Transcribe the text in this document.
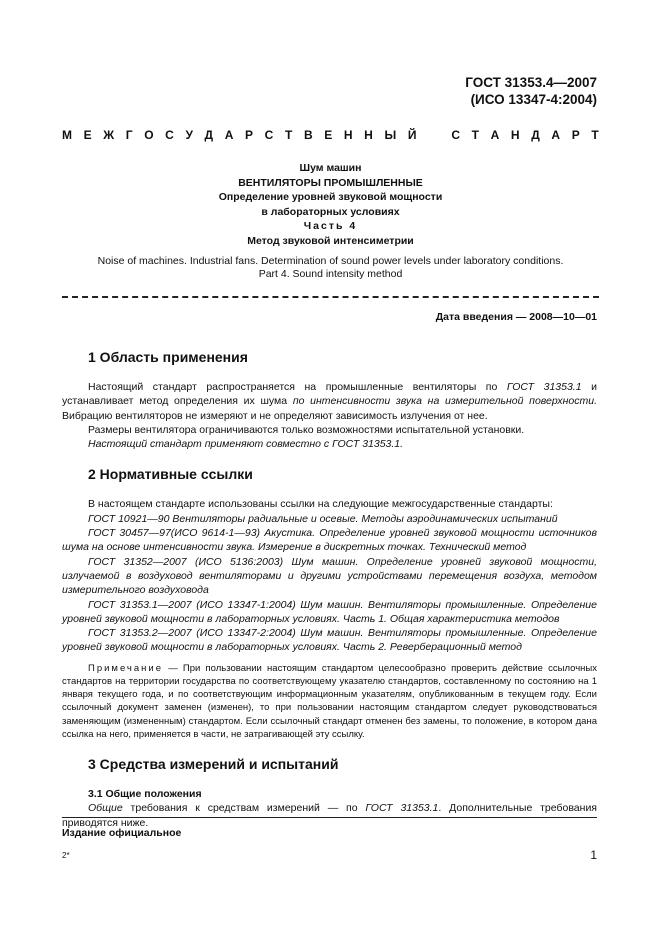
ГОСТ 31353.4—2007
(ИСО 13347-4:2004)
М Е Ж Г О С У Д А Р С Т В Е Н Н Ы Й	С Т А Н Д А Р Т
Шум машин
ВЕНТИЛЯТОРЫ ПРОМЫШЛЕННЫЕ
Определение уровней звуковой мощности
в лабораторных условиях
Часть 4
Метод звуковой интенсиметрии
Noise of machines. Industrial fans. Determination of sound power levels under laboratory conditions.
Part 4. Sound intensity method
Дата введения — 2008—10—01
1 Область применения

Настоящий стандарт распространяется на промышленные вентиляторы по ГОСТ 31353.1 и устанавливает метод определения их шума по интенсивности звука на измерительной поверхности. Вибрацию вентиляторов не измеряют и не определяют зависимость излучения от нее.

Размеры вентилятора ограничиваются только возможностями испытательной установки.

Настоящий стандарт применяют совместно с ГОСТ 31353.1.

2 Нормативные ссылки

В настоящем стандарте использованы ссылки на следующие межгосударственные стандарты:

ГОСТ 10921—90 Вентиляторы радиальные и осевые. Методы аэродинамических испытаний

ГОСТ 30457—97(ИСО 9614-1—93) Акустика. Определение уровней звуковой мощности источников шума на основе интенсивности звука. Измерение в дискретных точках. Технический метод

ГОСТ 31352—2007 (ИСО 5136:2003) Шум машин. Определение уровней звуковой мощности, излучаемой в воздуховод вентиляторами и другими устройствами перемещения воздуха, методом измерительного воздуховода

ГОСТ 31353.1—2007 (ИСО 13347-1:2004) Шум машин. Вентиляторы промышленные. Определение уровней звуковой мощности в лабораторных условиях. Часть 1. Общая характеристика методов

ГОСТ 31353.2—2007 (ИСО 13347-2:2004) Шум машин. Вентиляторы промышленные. Определение уровней звуковой мощности в лабораторных условиях. Часть 2. Реверберационный метод

Примечание — При пользовании настоящим стандартом целесообразно проверить действие ссылочных стандартов на территории государства по соответствующему указателю стандартов, составленному по состоянию на 1 января текущего года, и по соответствующим информационным указателям, опубликованным в текущем году. Если ссылочный документ заменен (изменен), то при пользовании настоящим стандартом следует руководствоваться заменяющим (измененным) стандартом. Если ссылочный стандарт отменен без замены, то положение, в котором дана ссылка на него, применяется в части, не затрагивающей эту ссылку.

3 Средства измерений и испытаний
3.1 Общие положения

Общие требования к средствам измерений — по ГОСТ 31353.1. Дополнительные требования приводятся ниже.

Издание официальное
2*	1
